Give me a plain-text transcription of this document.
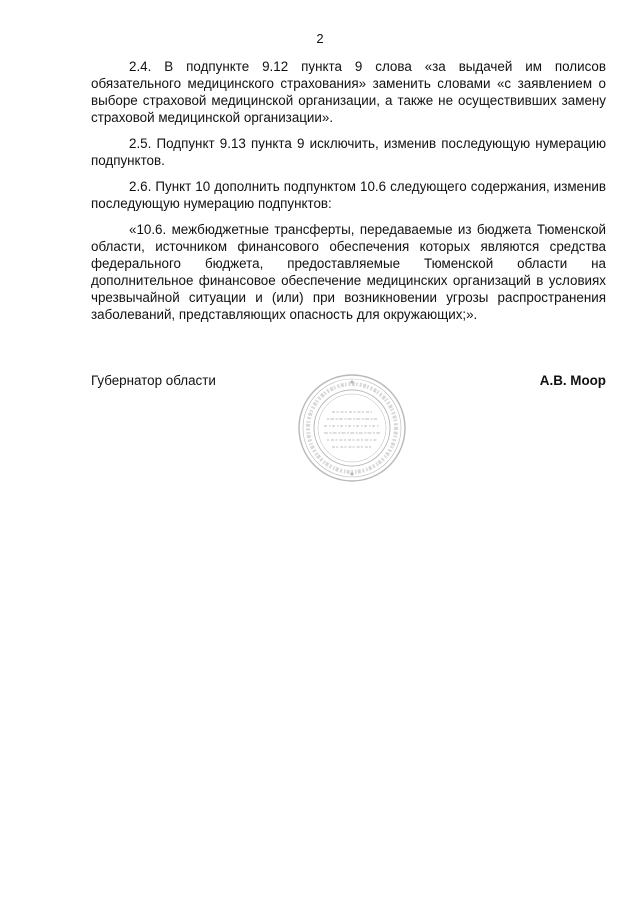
2

2.4. В подпункте 9.12 пункта 9 слова «за выдачей им полисов обязательного медицинского страхования» заменить словами «с заявлением о выборе страховой медицинской организации, а также не осуществивших замену страховой медицинской организации».

2.5. Подпункт 9.13 пункта 9 исключить, изменив последующую нумерацию подпунктов.

2.6. Пункт 10 дополнить подпунктом 10.6 следующего содержания, изменив последующую нумерацию подпунктов:

«10.6. межбюджетные трансферты, передаваемые из бюджета Тюменской области, источником финансового обеспечения которых являются средства федерального бюджета, предоставляемые Тюменской области на дополнительное финансовое обеспечение медицинских организаций в условиях чрезвычайной ситуации и (или) при возникновении угрозы распространения заболеваний, представляющих опасность для окружающих;».

Губернатор области	А.В. Моор
